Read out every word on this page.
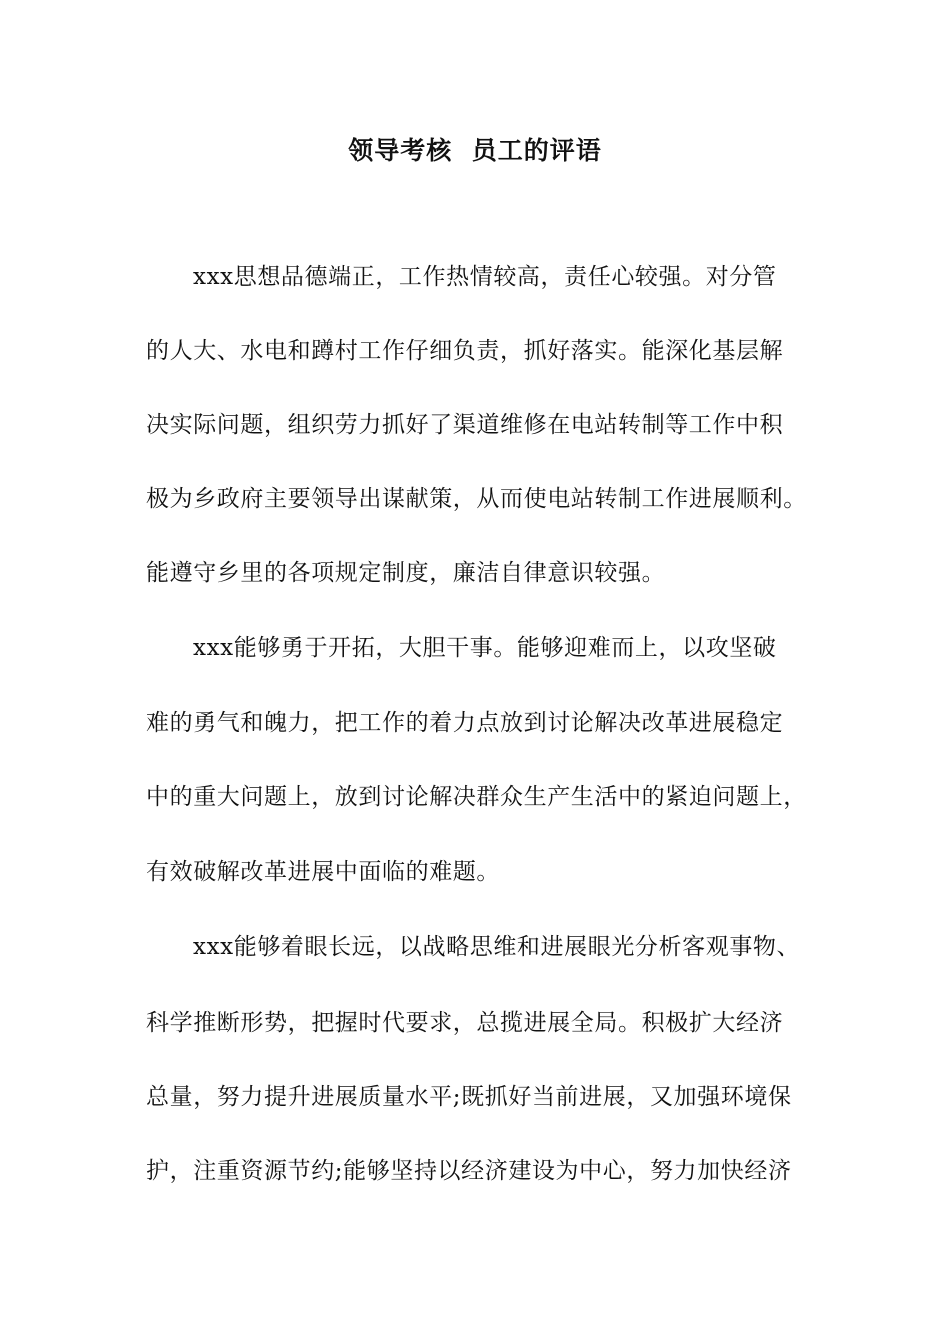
领导考核  员工的评语
xxx思想品德端正，工作热情较高，责任心较强。对分管
的人大、水电和蹲村工作仔细负责，抓好落实。能深化基层解
决实际问题，组织劳力抓好了渠道维修在电站转制等工作中积
极为乡政府主要领导出谋献策，从而使电站转制工作进展顺利。
能遵守乡里的各项规定制度，廉洁自律意识较强。
xxx能够勇于开拓，大胆干事。能够迎难而上，以攻坚破
难的勇气和魄力，把工作的着力点放到讨论解决改革进展稳定
中的重大问题上，放到讨论解决群众生产生活中的紧迫问题上，
有效破解改革进展中面临的难题。
xxx能够着眼长远，以战略思维和进展眼光分析客观事物、
科学推断形势，把握时代要求，总揽进展全局。积极扩大经济
总量，努力提升进展质量水平;既抓好当前进展，又加强环境保
护，注重资源节约;能够坚持以经济建设为中心，努力加快经济
